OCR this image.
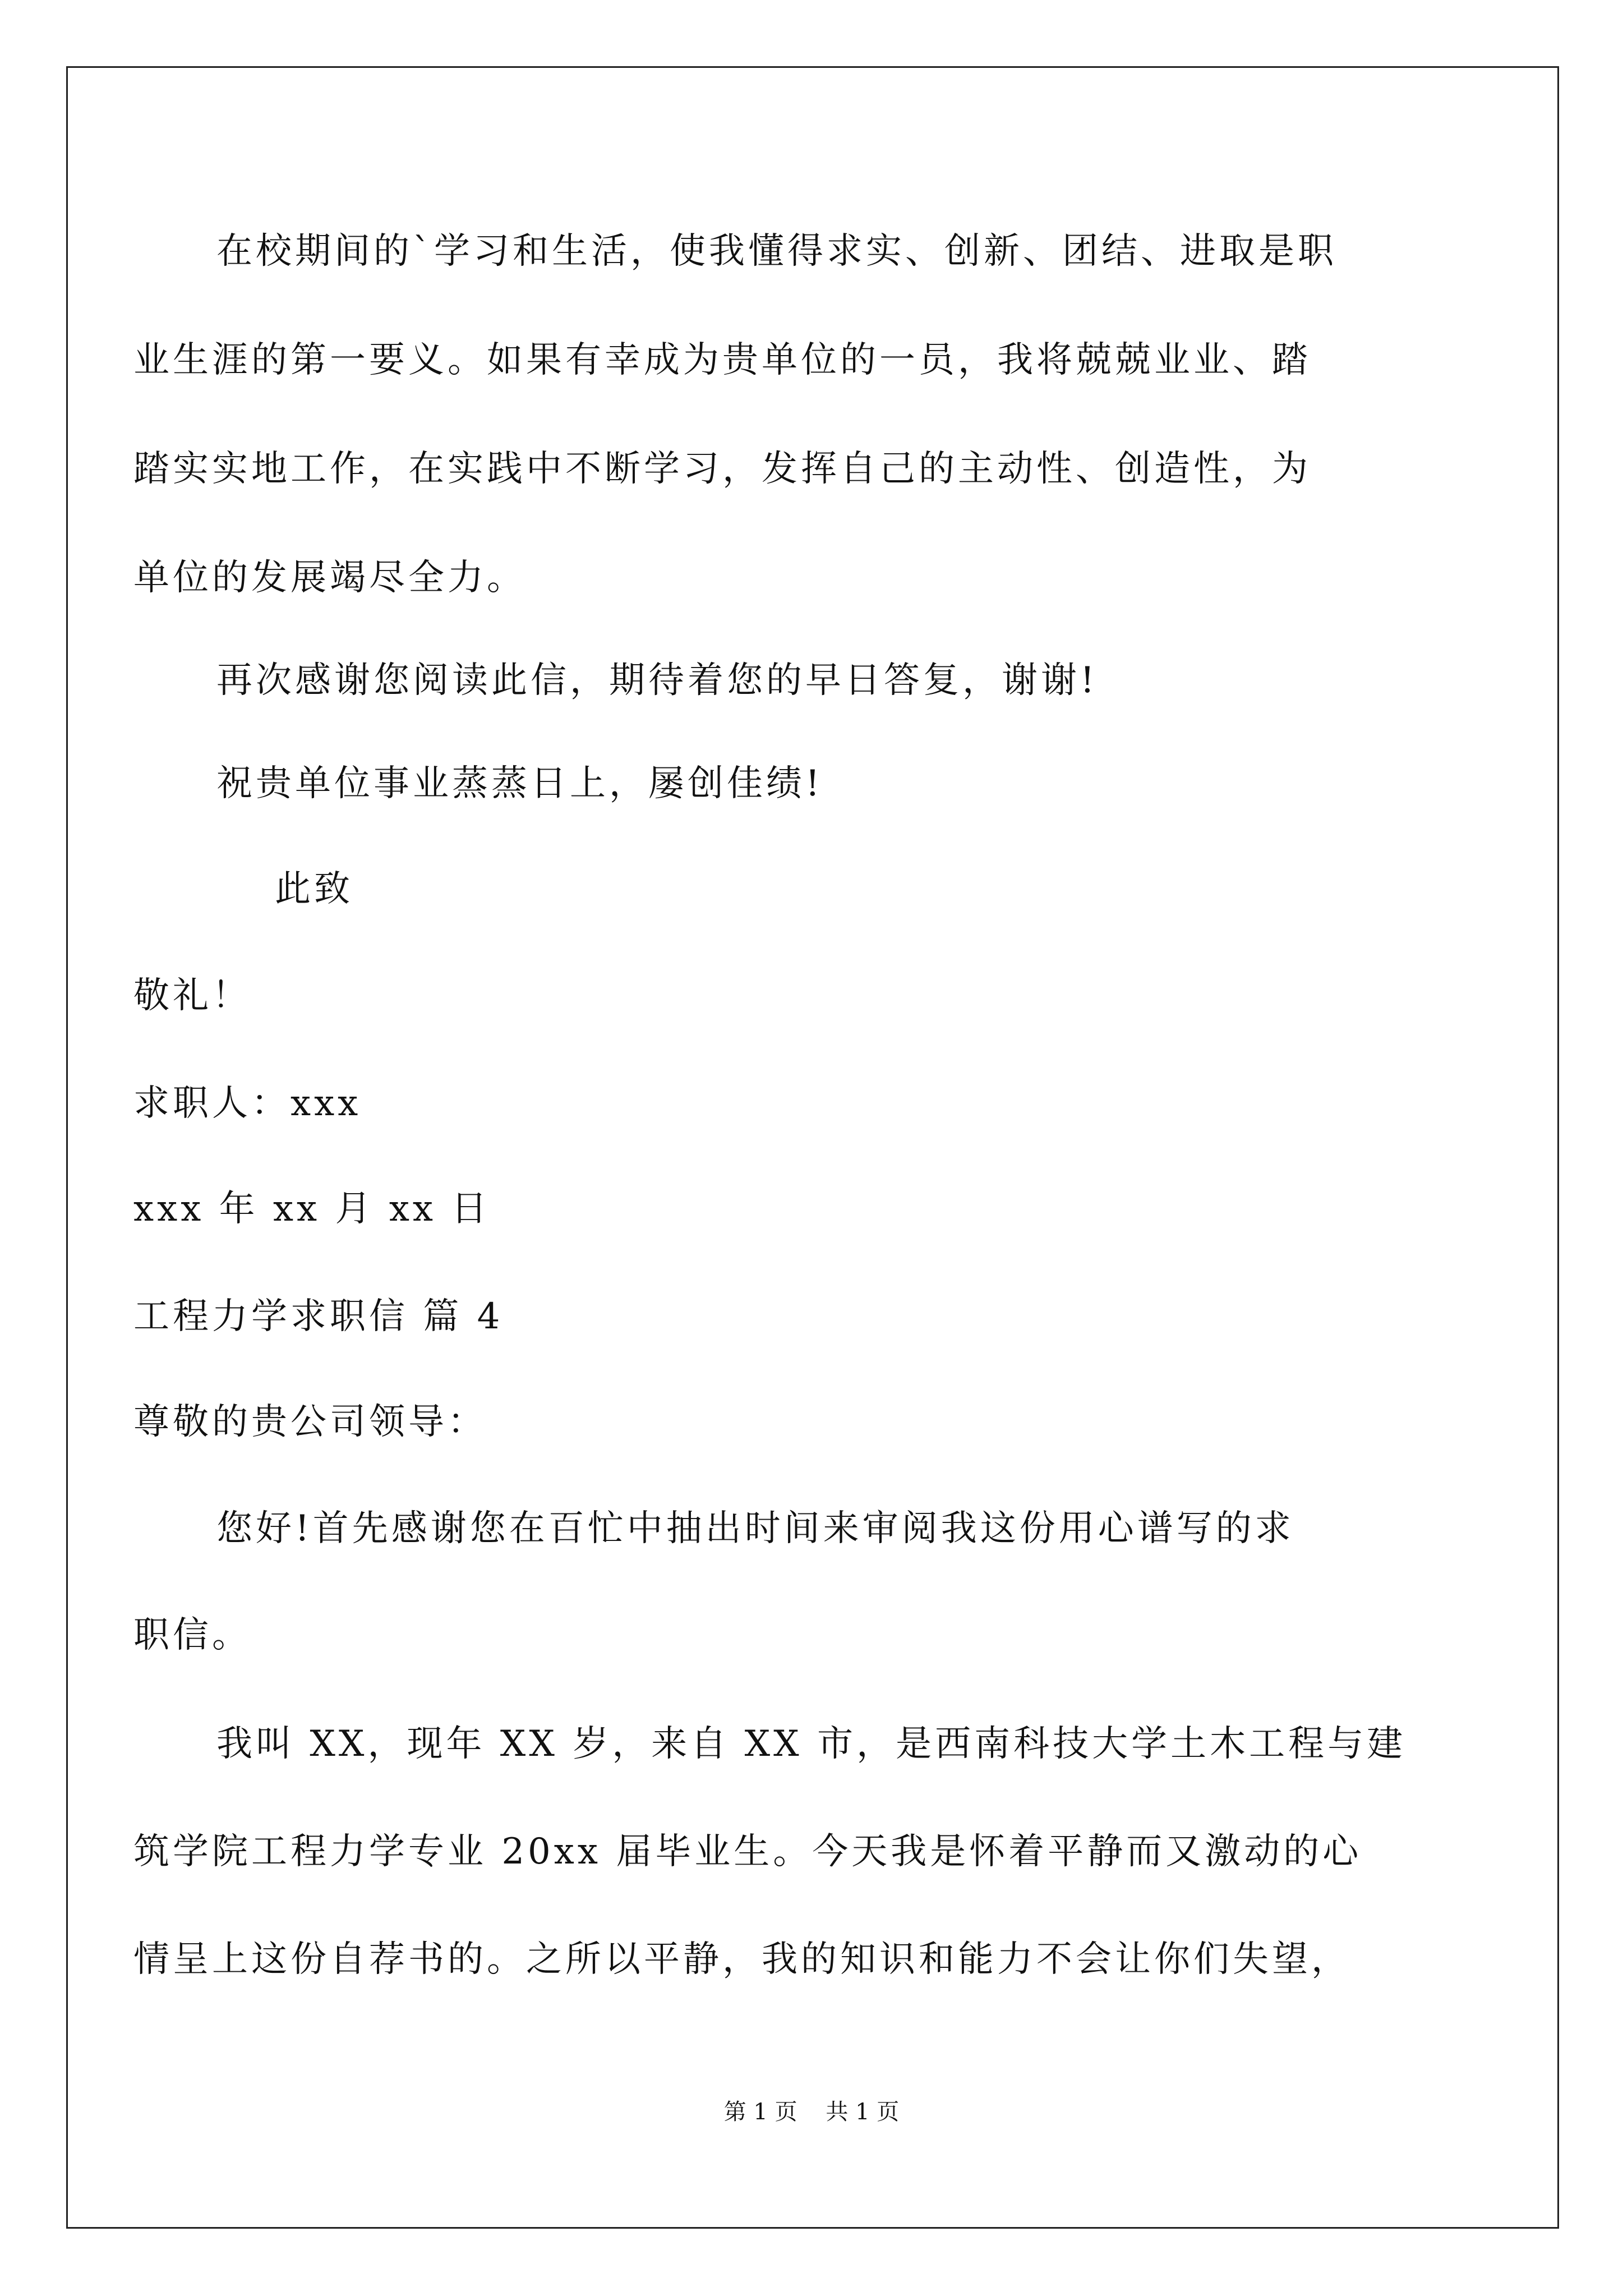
在校期间的`学习和生活，使我懂得求实、创新、团结、进取是职
业生涯的第一要义。如果有幸成为贵单位的一员，我将兢兢业业、踏
踏实实地工作，在实践中不断学习，发挥自己的主动性、创造性，为
单位的发展竭尽全力。
再次感谢您阅读此信，期待着您的早日答复，谢谢!
祝贵单位事业蒸蒸日上，屡创佳绩!
此致
敬礼！
求职人：xxx
xxx 年 xx 月 xx 日
工程力学求职信 篇 4
尊敬的贵公司领导：
您好!首先感谢您在百忙中抽出时间来审阅我这份用心谱写的求
职信。
我叫 XX，现年 XX 岁，来自 XX 市，是西南科技大学土木工程与建
筑学院工程力学专业 20xx 届毕业生。今天我是怀着平静而又激动的心
情呈上这份自荐书的。之所以平静，我的知识和能力不会让你们失望，
第 1 页    共 1 页
